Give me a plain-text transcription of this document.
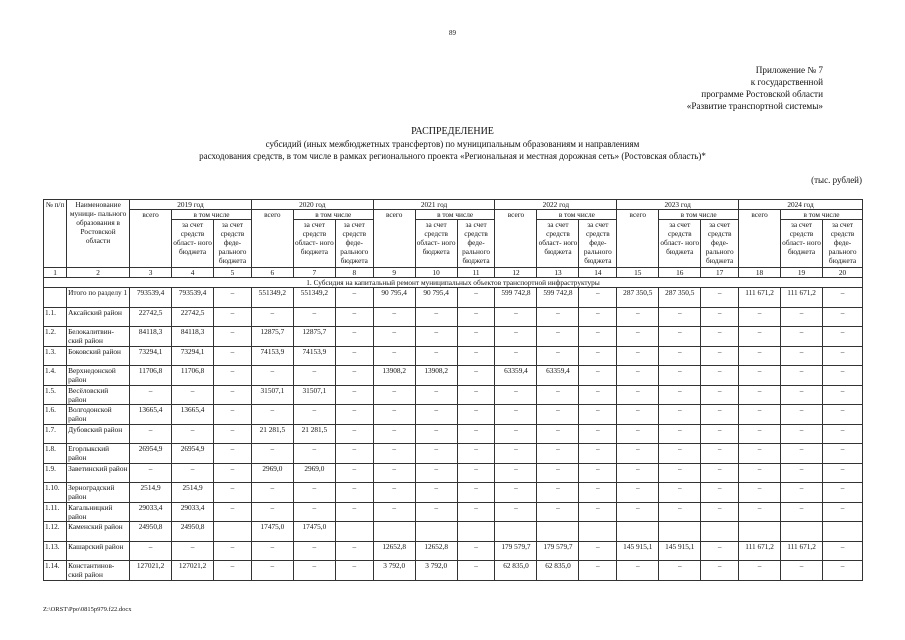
89
Приложение № 7
к государственной
программе Ростовской области
«Развитие транспортной системы»
РАСПРЕДЕЛЕНИЕ
субсидий (иных межбюджетных трансфертов) по муниципальным образованиям и направлениям
расходования средств, в том числе в рамках регионального проекта «Региональная и местная дорожная сеть» (Ростовская область)*
(тыс. рублей)
№ п/п	Наименование муници- пального образования в Ростовской области	2019 год			2020 год			2021 год			2022 год			2023 год			2024 год		
		всего	в том числе		всего	в том числе		всего	в том числе		всего	в том числе		всего	в том числе		всего	в том числе	
			за счет средств област- ного бюджета	за счет средств феде- рального бюджета		за счет средств област- ного бюджета	за счет средств феде- рального бюджета		за счет средств област- ного бюджета	за счет средств феде- рального бюджета		за счет средств област- ного бюджета	за счет средств феде- рального бюджета		за счет средств област- ного бюджета	за счет средств феде- рального бюджета		за счет средств област- ного бюджета	за счет средств феде- рального бюджета
1	2	3	4	5	6	7	8	9	10	11	12	13	14	15	16	17	18	19	20
1. Субсидия на капитальный ремонт муниципальных объектов транспортной инфраструктуры																			
	Итого по разделу 1	793539,4	793539,4	–	551349,2	551349,2	–	90 795,4	90 795,4	–	599 742,8	599 742,8	–	287 350,5	287 350,5	–	111 671,2	111 671,2	–
1.1.	Аксайский район	22742,5	22742,5	–	–	–	–	–	–	–	–	–	–	–	–	–	–	–	–
1.2.	Белокалитвин- ский район	84118,3	84118,3	–	12875,7	12875,7	–	–	–	–	–	–	–	–	–	–	–	–	–
1.3.	Боковский район	73294,1	73294,1	–	74153,9	74153,9	–	–	–	–	–	–	–	–	–	–	–	–	–
1.4.	Верхнедонской район	11706,8	11706,8	–	–	–	–	13908,2	13908,2	–	63359,4	63359,4	–	–	–	–	–	–	–
1.5.	Весёловский район	–	–	–	31507,1	31507,1	–	–	–	–	–	–	–	–	–	–	–	–	–
1.6.	Волгодонской район	13665,4	13665,4	–	–	–	–	–	–	–	–	–	–	–	–	–	–	–	–
1.7.	Дубовский район	–	–	–	21 281,5	21 281,5	–	–	–	–	–	–	–	–	–	–	–	–	–
1.8.	Егорлыкский район	26954,9	26954,9	–	–	–	–	–	–	–	–	–	–	–	–	–	–	–	–
1.9.	Заветинский район	–	–	–	2969,0	2969,0	–	–	–	–	–	–	–	–	–	–	–	–	–
1.10.	Зерноградский район	2514,9	2514,9	–	–	–	–	–	–	–	–	–	–	–	–	–	–	–	–
1.11.	Кагальницкий район	29033,4	29033,4	–	–	–	–	–	–	–	–	–	–	–	–	–	–	–	–
1.12.	Каменский район	24950,8	24950,8		17475,0	17475,0													
1.13.	Кашарский район	–	–	–	–	–	–	12652,8	12652,8	–	179 579,7	179 579,7	–	145 915,1	145 915,1	–	111 671,2	111 671,2	–
1.14.	Константинов- ский район	127021,2	127021,2	–	–	–	–	3 792,0	3 792,0	–	62 835,0	62 835,0	–	–	–	–	–	–	–
Z:\ORST\Ppo\0815p979.f22.docx
